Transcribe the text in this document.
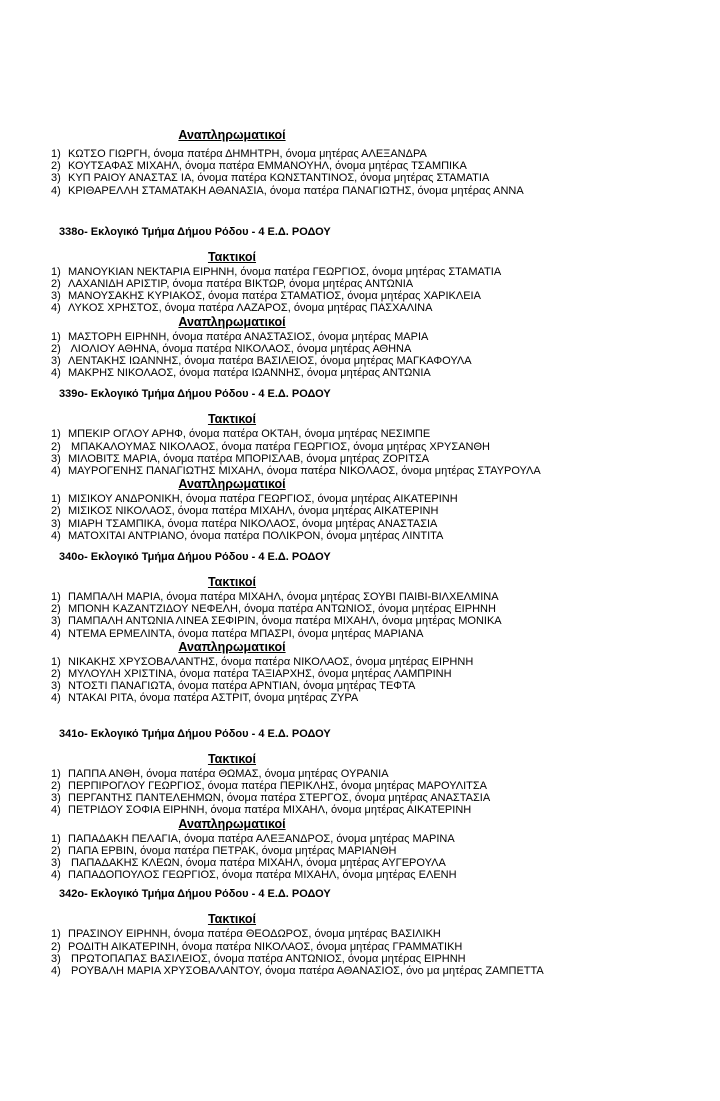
Αναπληρωματικοί
1) ΚΩΤΣΟ ΓΙΩΡΓΗ, όνομα πατέρα ΔΗΜΗΤΡΗ, όνομα μητέρας ΑΛΕΞΑΝΔΡΑ
2) ΚΟΥΤΣΑΦΑΣ ΜΙΧΑΗΛ, όνομα πατέρα ΕΜΜΑΝΟΥΗΛ, όνομα μητέρας ΤΣΑΜΠΙΚΑ
3) ΚΥΠ ΡΑΙΟΥ ΑΝΑΣΤΑΣ ΙΑ, όνομα πατέρα ΚΩΝΣΤΑΝΤΙΝΟΣ, όνομα μητέρας ΣΤΑΜΑΤΙΑ
4) ΚΡΙΘΑΡΕΛΛΗ ΣΤΑΜΑΤΑΚΗ ΑΘΑΝΑΣΙΑ, όνομα πατέρα ΠΑΝΑΓΙΩΤΗΣ, όνομα μητέρας ΑΝΝΑ
338ο- Εκλογικό Τμήμα Δήμου Ρόδου - 4 Ε.Δ. ΡΟΔΟΥ
Τακτικοί
1) ΜΑΝΟΥΚΙΑΝ ΝΕΚΤΑΡΙΑ ΕΙΡΗΝΗ, όνομα πατέρα ΓΕΩΡΓΙΟΣ, όνομα μητέρας ΣΤΑΜΑΤΙΑ
2) ΛΑΧΑΝΙΔΗ ΑΡΙΣΤΙΡ, όνομα πατέρα ΒΙΚΤΩΡ, όνομα μητέρας ΑΝΤΩΝΙΑ
3) ΜΑΝΟΥΣΑΚΗΣ ΚΥΡΙΑΚΟΣ, όνομα πατέρα ΣΤΑΜΑΤΙΟΣ, όνομα μητέρας ΧΑΡΙΚΛΕΙΑ
4) ΛΥΚΟΣ ΧΡΗΣΤΟΣ, όνομα πατέρα ΛΑΖΑΡΟΣ, όνομα μητέρας ΠΑΣΧΑΛΙΝΑ
Αναπληρωματικοί
1) ΜΑΣΤΟΡΗ ΕΙΡΗΝΗ, όνομα πατέρα ΑΝΑΣΤΑΣΙΟΣ, όνομα μητέρας ΜΑΡΙΑ
2) ΛΙΟΛΙΟΥ ΑΘΗΝΑ, όνομα πατέρα ΝΙΚΟΛΑΟΣ, όνομα μητέρας ΑΘΗΝΑ
3) ΛΕΝΤΑΚΗΣ ΙΩΑΝΝΗΣ, όνομα πατέρα ΒΑΣΙΛΕΙΟΣ, όνομα μητέρας ΜΑΓΚΑΦΟΥΛΑ
4) ΜΑΚΡΗΣ ΝΙΚΟΛΑΟΣ, όνομα πατέρα ΙΩΑΝΝΗΣ, όνομα μητέρας ΑΝΤΩΝΙΑ
339ο- Εκλογικό Τμήμα Δήμου Ρόδου - 4 Ε.Δ. ΡΟΔΟΥ
Τακτικοί
1) ΜΠΕΚΙΡ ΟΓΛΟΥ ΑΡΗΦ, όνομα πατέρα ΟΚΤΑΗ, όνομα μητέρας ΝΕΣΙΜΠΕ
2) ΜΠΑΚΑΛΟΥΜΑΣ ΝΙΚΟΛΑΟΣ, όνομα πατέρα ΓΕΩΡΓΙΟΣ, όνομα μητέρας ΧΡΥΣΑΝΘΗ
3) ΜΙΛΟΒΙΤΣ ΜΑΡΙΑ, όνομα πατέρα ΜΠΟΡΙΣΛΑΒ, όνομα μητέρας ΖΟΡΙΤΣΑ
4) ΜΑΥΡΟΓΕΝΗΣ ΠΑΝΑΓΙΩΤΗΣ ΜΙΧΑΗΛ, όνομα πατέρα ΝΙΚΟΛΑΟΣ, όνομα μητέρας ΣΤΑΥΡΟΥΛΑ
Αναπληρωματικοί
1) ΜΙΣΙΚΟΥ ΑΝΔΡΟΝΙΚΗ, όνομα πατέρα ΓΕΩΡΓΙΟΣ, όνομα μητέρας ΑΙΚΑΤΕΡΙΝΗ
2) ΜΙΣΙΚΟΣ ΝΙΚΟΛΑΟΣ, όνομα πατέρα ΜΙΧΑΗΛ, όνομα μητέρας ΑΙΚΑΤΕΡΙΝΗ
3) ΜΙΑΡΗ ΤΣΑΜΠΙΚΑ, όνομα πατέρα ΝΙΚΟΛΑΟΣ, όνομα μητέρας ΑΝΑΣΤΑΣΙΑ
4) ΜΑΤΟΧΙΤΑΙ ΑΝΤΡΙΑΝΟ, όνομα πατέρα ΠΟΛΙΚΡΟΝ, όνομα μητέρας ΛΙΝΤΙΤΑ
340ο- Εκλογικό Τμήμα Δήμου Ρόδου - 4 Ε.Δ. ΡΟΔΟΥ
Τακτικοί
1) ΠΑΜΠΑΛΗ ΜΑΡΙΑ, όνομα πατέρα ΜΙΧΑΗΛ, όνομα μητέρας ΣΟΥΒΙ ΠΑΙΒΙ-ΒΙΛΧΕΛΜΙΝΑ
2) ΜΠΟΝΗ ΚΑΖΑΝΤΖΙΔΟΥ ΝΕΦΕΛΗ, όνομα πατέρα ΑΝΤΩΝΙΟΣ, όνομα μητέρας ΕΙΡΗΝΗ
3) ΠΑΜΠΑΛΗ ΑΝΤΩΝΙΑ ΛΙΝΕΑ ΣΕΦΙΡΙΝ, όνομα πατέρα ΜΙΧΑΗΛ, όνομα μητέρας ΜΟΝΙΚΑ
4) ΝΤΕΜΑ ΕΡΜΕΛΙΝΤΑ, όνομα πατέρα ΜΠΑΣΡΙ, όνομα μητέρας ΜΑΡΙΑΝΑ
Αναπληρωματικοί
1) ΝΙΚΑΚΗΣ ΧΡΥΣΟΒΑΛΑΝΤΗΣ, όνομα πατέρα ΝΙΚΟΛΑΟΣ, όνομα μητέρας ΕΙΡΗΝΗ
2) ΜΥΛΟΥΛΗ ΧΡΙΣΤΙΝΑ, όνομα πατέρα ΤΑΞΙΑΡΧΗΣ, όνομα μητέρας ΛΑΜΠΡΙΝΗ
3) ΝΤΟΣΤΙ ΠΑΝΑΓΙΩΤΑ, όνομα πατέρα ΑΡΝΤΙΑΝ, όνομα μητέρας ΤΕΦΤΑ
4) ΝΤΑΚΑΙ ΡΙΤΑ, όνομα πατέρα ΑΣΤΡΙΤ, όνομα μητέρας ΖΥΡΑ
341ο- Εκλογικό Τμήμα Δήμου Ρόδου - 4 Ε.Δ. ΡΟΔΟΥ
Τακτικοί
1) ΠΑΠΠΑ ΑΝΘΗ, όνομα πατέρα ΘΩΜΑΣ, όνομα μητέρας ΟΥΡΑΝΙΑ
2) ΠΕΡΠΙΡΟΓΛΟΥ ΓΕΩΡΓΙΟΣ, όνομα πατέρα ΠΕΡΙΚΛΗΣ, όνομα μητέρας ΜΑΡΟΥΛΙΤΣΑ
3) ΠΕΡΓΑΝΤΗΣ ΠΑΝΤΕΛΕΗΜΩΝ, όνομα πατέρα ΣΤΕΡΓΟΣ, όνομα μητέρας ΑΝΑΣΤΑΣΙΑ
4) ΠΕΤΡΙΔΟΥ ΣΟΦΙΑ ΕΙΡΗΝΗ, όνομα πατέρα ΜΙΧΑΗΛ, όνομα μητέρας ΑΙΚΑΤΕΡΙΝΗ
Αναπληρωματικοί
1) ΠΑΠΑΔΑΚΗ ΠΕΛΑΓΙΑ, όνομα πατέρα ΑΛΕΞΑΝΔΡΟΣ, όνομα μητέρας ΜΑΡΙΝΑ
2) ΠΑΠΑ ΕΡΒΙΝ, όνομα πατέρα ΠΕΤΡΑΚ, όνομα μητέρας ΜΑΡΙΑΝΘΗ
3) ΠΑΠΑΔΑΚΗΣ ΚΛΕΩΝ, όνομα πατέρα ΜΙΧΑΗΛ, όνομα μητέρας ΑΥΓΕΡΟΥΛΑ
4) ΠΑΠΑΔΟΠΟΥΛΟΣ ΓΕΩΡΓΙΟΣ, όνομα πατέρα ΜΙΧΑΗΛ, όνομα μητέρας ΕΛΕΝΗ
342ο- Εκλογικό Τμήμα Δήμου Ρόδου - 4 Ε.Δ. ΡΟΔΟΥ
Τακτικοί
1) ΠΡΑΣΙΝΟΥ ΕΙΡΗΝΗ, όνομα πατέρα ΘΕΟΔΩΡΟΣ, όνομα μητέρας ΒΑΣΙΛΙΚΗ
2) ΡΟΔΙΤΗ ΑΙΚΑΤΕΡΙΝΗ, όνομα πατέρα ΝΙΚΟΛΑΟΣ, όνομα μητέρας ΓΡΑΜΜΑΤΙΚΗ
3) ΠΡΩΤΟΠΑΠΑΣ ΒΑΣΙΛΕΙΟΣ, όνομα πατέρα ΑΝΤΩΝΙΟΣ, όνομα μητέρας ΕΙΡΗΝΗ
4) ΡΟΥΒΑΛΗ ΜΑΡΙΑ ΧΡΥΣΟΒΑΛΑΝΤΟΥ, όνομα πατέρα ΑΘΑΝΑΣΙΟΣ, όνο μα μητέρας ΖΑΜΠΕΤΤΑ
